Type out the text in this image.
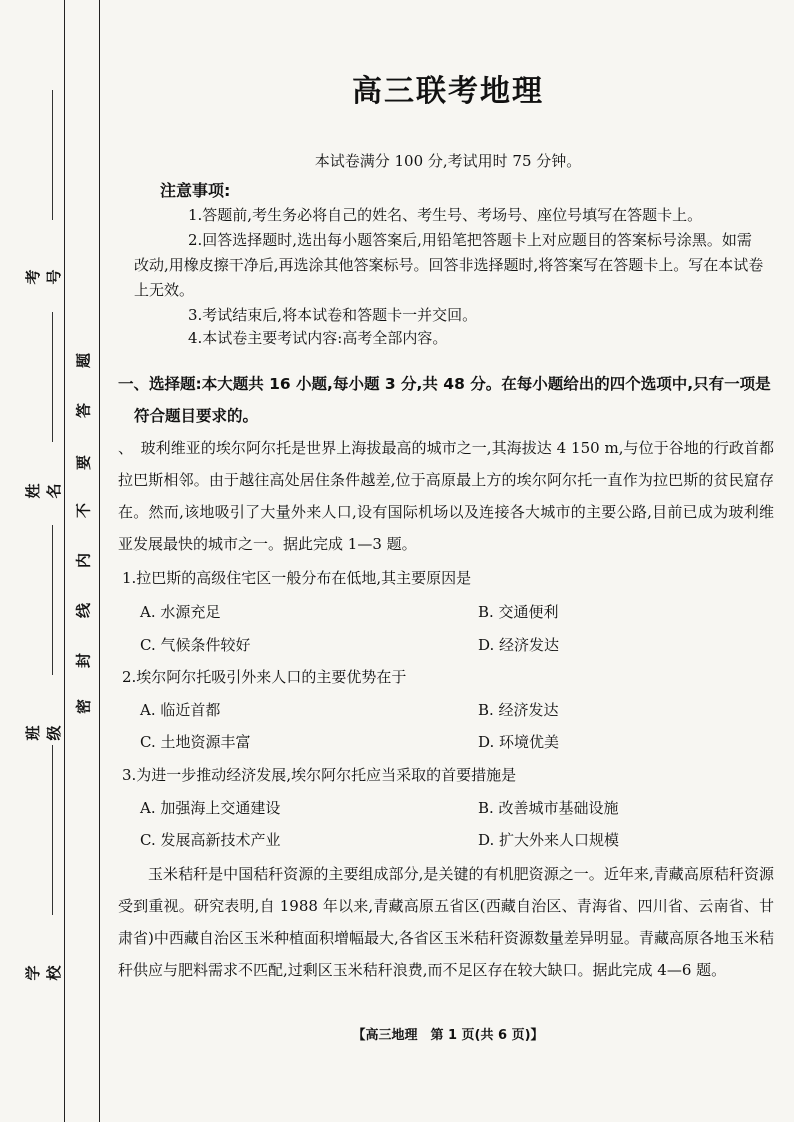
考号
姓名
班级
学校
密
封
线
内
不
要
答
题
高三联考地理
本试卷满分 100 分,考试用时 75 分钟。
注意事项:
1.答题前,考生务必将自己的姓名、考生号、考场号、座位号填写在答题卡上。
2.回答选择题时,选出每小题答案后,用铅笔把答题卡上对应题目的答案标号涂黑。如需改动,用橡皮擦干净后,再选涂其他答案标号。回答非选择题时,将答案写在答题卡上。写在本试卷上无效。
3.考试结束后,将本试卷和答题卡一并交回。
4.本试卷主要考试内容:高考全部内容。
一、选择题:本大题共 16 小题,每小题 3 分,共 48 分。在每小题给出的四个选项中,只有一项是
符合题目要求的。
、　玻利维亚的埃尔阿尔托是世界上海拔最高的城市之一,其海拔达 4 150 m,与位于谷地的行政首都拉巴斯相邻。由于越往高处居住条件越差,位于高原最上方的埃尔阿尔托一直作为拉巴斯的贫民窟存在。然而,该地吸引了大量外来人口,设有国际机场以及连接各大城市的主要公路,目前已成为玻利维亚发展最快的城市之一。据此完成 1—3 题。
1.拉巴斯的高级住宅区一般分布在低地,其主要原因是
A. 水源充足	B. 交通便利
C. 气候条件较好	D. 经济发达
2.埃尔阿尔托吸引外来人口的主要优势在于
A. 临近首都	B. 经济发达
C. 土地资源丰富	D. 环境优美
3.为进一步推动经济发展,埃尔阿尔托应当采取的首要措施是
A. 加强海上交通建设	B. 改善城市基础设施
C. 发展高新技术产业	D. 扩大外来人口规模
玉米秸秆是中国秸秆资源的主要组成部分,是关键的有机肥资源之一。近年来,青藏高原秸秆资源受到重视。研究表明,自 1988 年以来,青藏高原五省区(西藏自治区、青海省、四川省、云南省、甘肃省)中西藏自治区玉米种植面积增幅最大,各省区玉米秸秆资源数量差异明显。青藏高原各地玉米秸秆供应与肥料需求不匹配,过剩区玉米秸秆浪费,而不足区存在较大缺口。据此完成 4—6 题。
【高三地理　第 1 页(共 6 页)】
